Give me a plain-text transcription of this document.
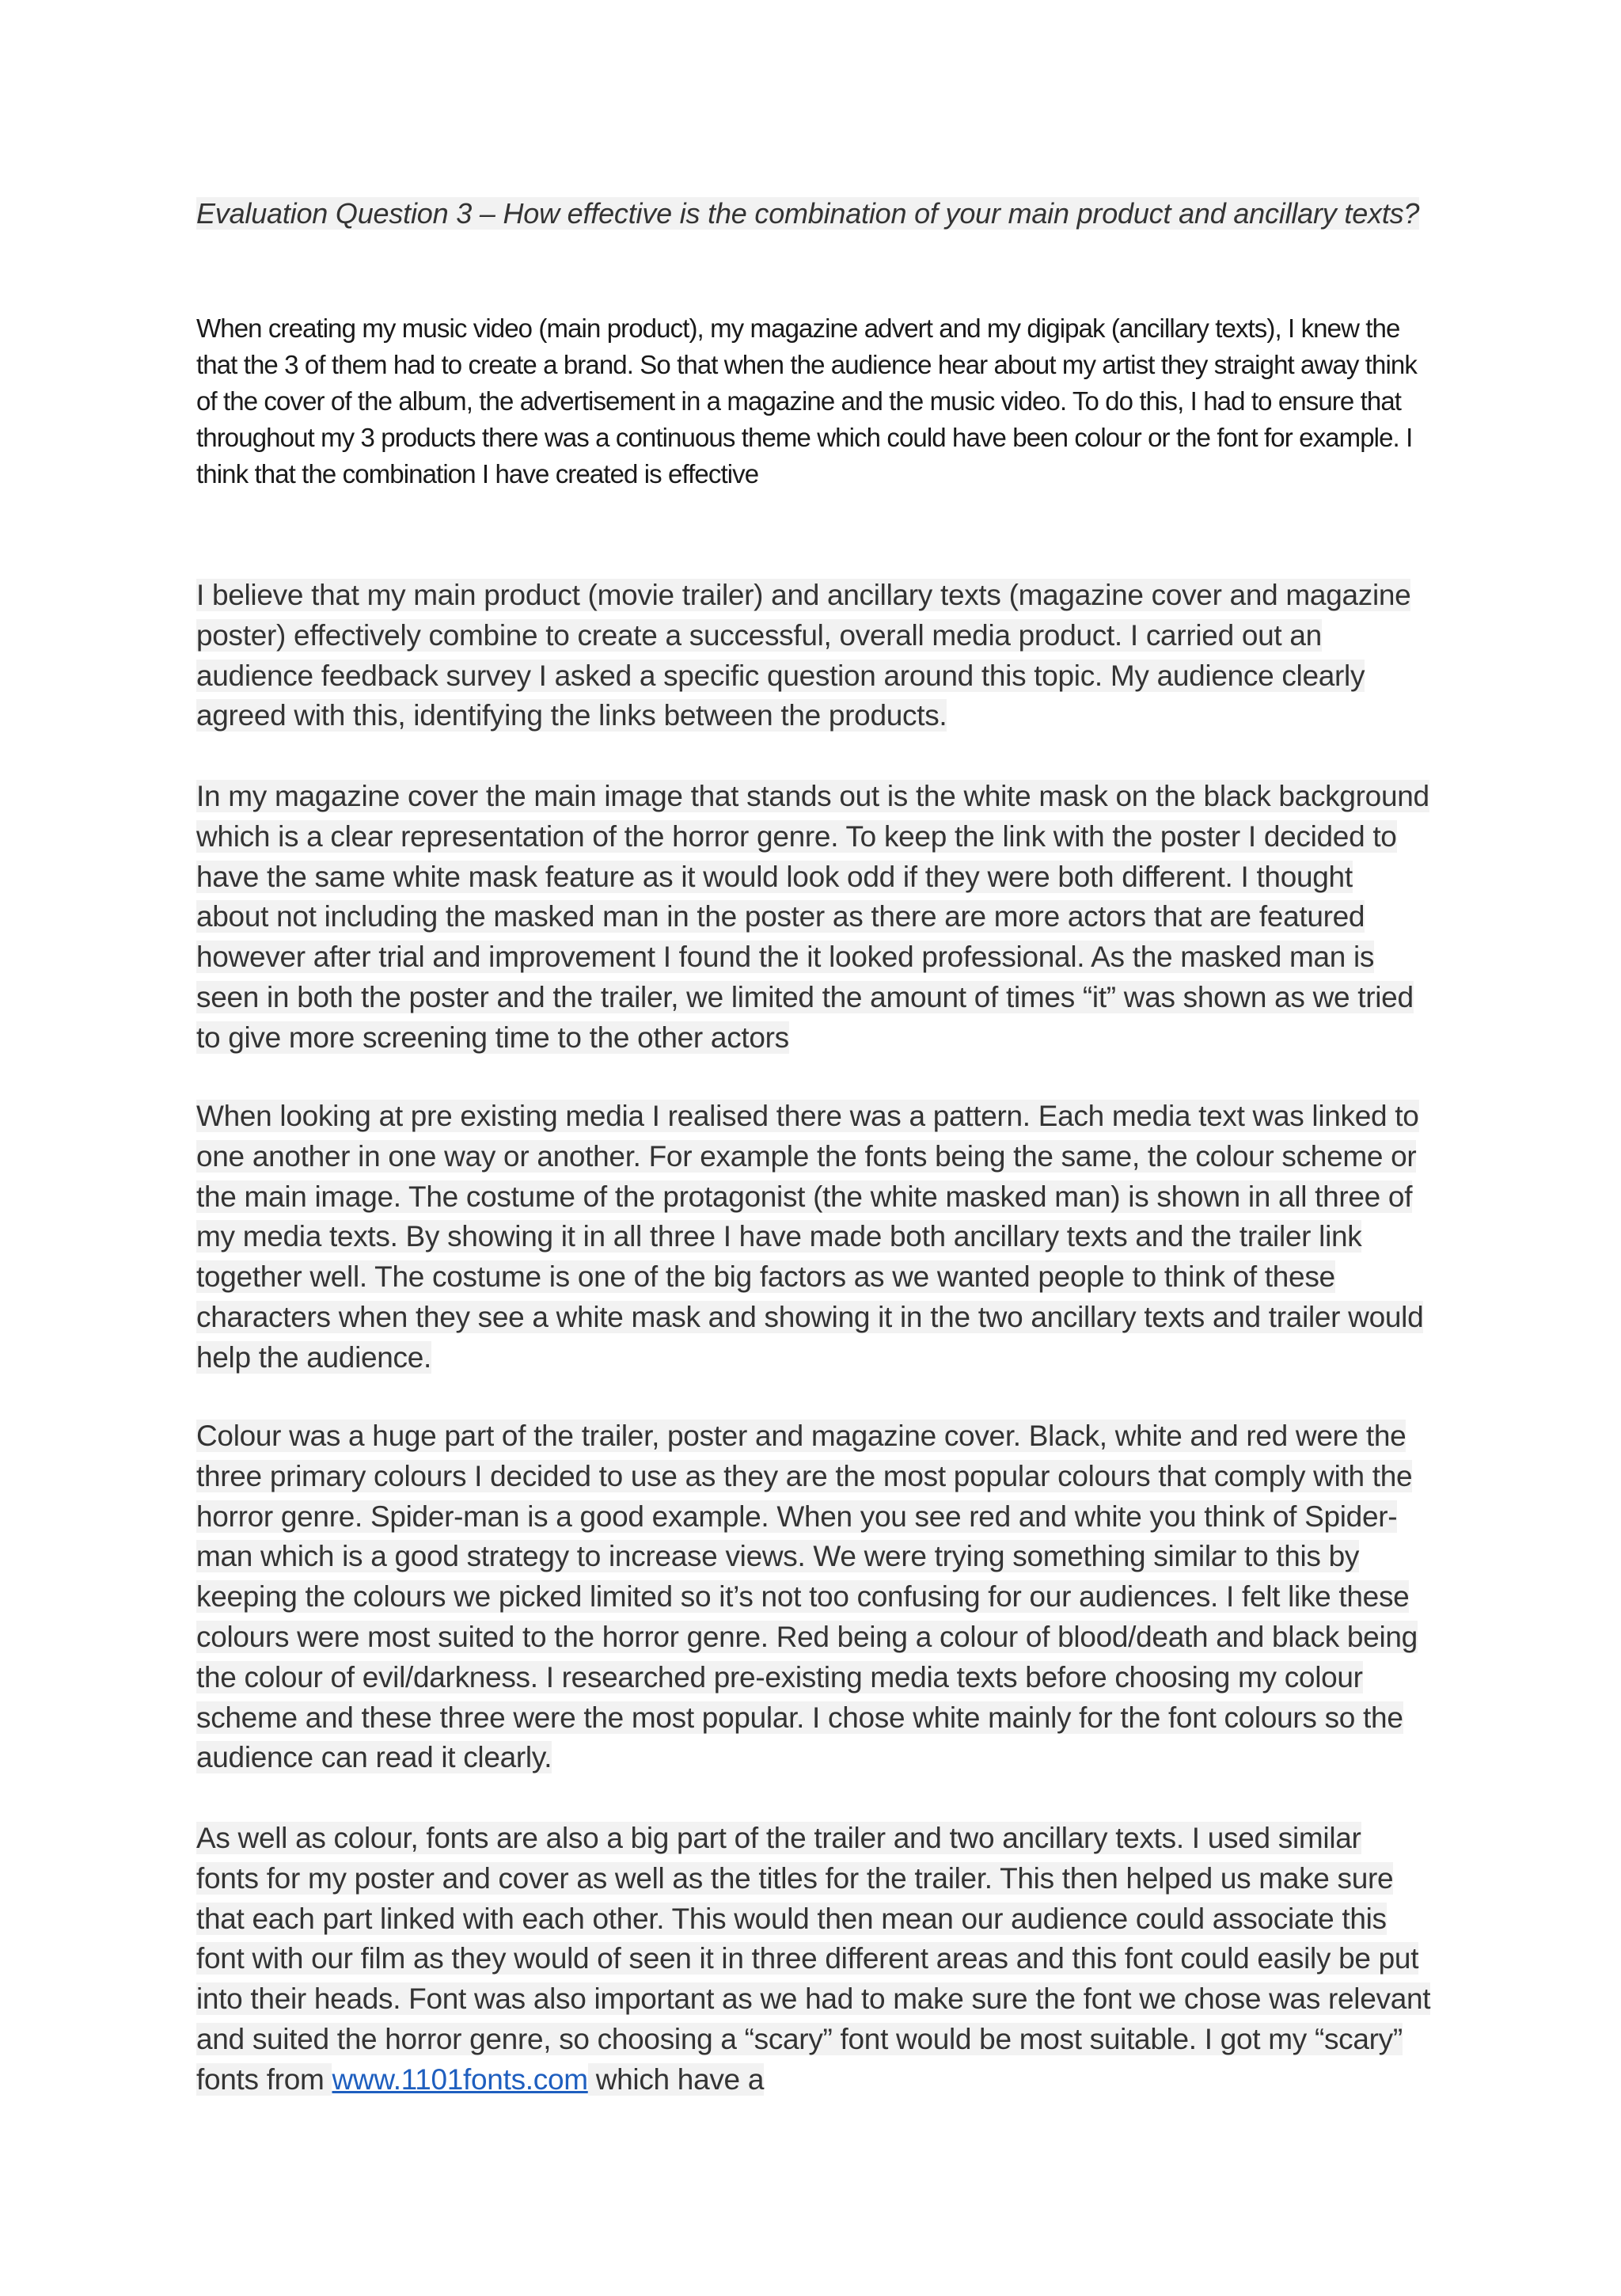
Evaluation Question 3 – How effective is the combination of your main product and ancillary texts?
When creating my music video (main product), my magazine advert and my digipak (ancillary texts), I knew the that the 3 of them had to create a brand. So that when the audience hear about my artist they straight away think of the cover of the album, the advertisement in a magazine and the music video. To do this, I had to ensure that throughout my 3 products there was a continuous theme which could have been colour or the font for example. I think that the combination I have created is effective
I believe that my main product (movie trailer) and ancillary texts (magazine cover and magazine poster) effectively combine to create a successful, overall media product. I carried out an audience feedback survey I asked a specific question around this topic. My audience clearly agreed with this, identifying the links between the products.
In my magazine cover the main image that stands out is the white mask on the black background which is a clear representation of the horror genre. To keep the link with the poster I decided to have the same white mask feature as it would look odd if they were both different. I thought about not including the masked man in the poster as there are more actors that are featured however after trial and improvement I found the it looked professional. As the masked man is seen in both the poster and the trailer, we limited the amount of times “it” was shown as we tried to give more screening time to the other actors
When looking at pre existing media I realised there was a pattern. Each media text was linked to one another in one way or another. For example the fonts being the same, the colour scheme or the main image. The costume of the protagonist (the white masked man) is shown in all three of my media texts. By showing it in all three I have made both ancillary texts and the trailer link together well. The costume is one of the big factors as we wanted people to think of these characters when they see a white mask and showing it in the two ancillary texts and trailer would help the audience.
Colour was a huge part of the trailer, poster and magazine cover. Black, white and red were the three primary colours I decided to use as they are the most popular colours that comply with the horror genre. Spider-man is a good example. When you see red and white you think of Spider-man which is a good strategy to increase views. We were trying something similar to this by keeping the colours we picked limited so it’s not too confusing for our audiences. I felt like these colours were most suited to the horror genre. Red being a colour of blood/death and black being the colour of evil/darkness. I researched pre-existing media texts before choosing my colour scheme and these three were the most popular. I chose white mainly for the font colours so the audience can read it clearly.
As well as colour, fonts are also a big part of the trailer and two ancillary texts. I used similar fonts for my poster and cover as well as the titles for the trailer. This then helped us make sure that each part linked with each other. This would then mean our audience could associate this font with our film as they would of seen it in three different areas and this font could easily be put into their heads. Font was also important as we had to make sure the font we chose was relevant and suited the horror genre, so choosing a “scary” font would be most suitable. I got my “scary” fonts from www.1101fonts.com which have a
